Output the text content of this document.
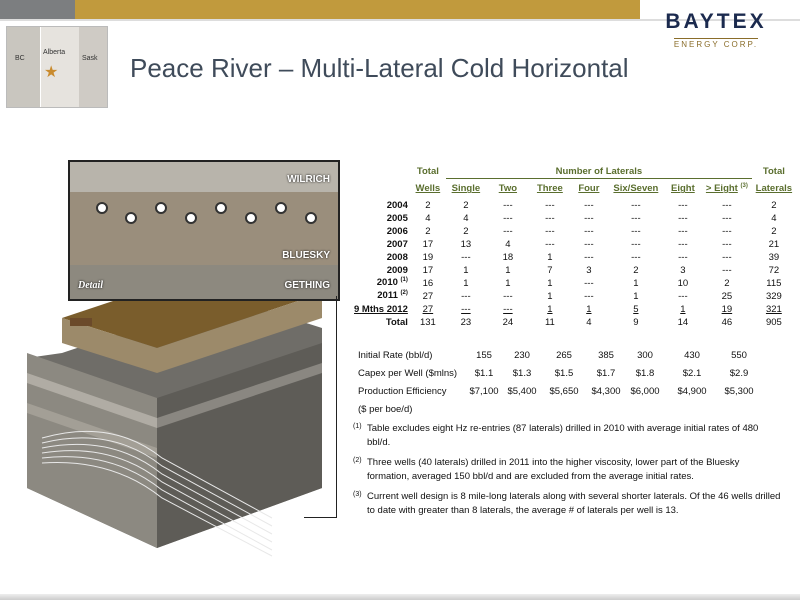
BAYTEX
ENERGY CORP.
BC
Alberta
Sask
★	Peace River – Multi-Lateral Cold Horizontal
WILRICH
BLUESKY
GETHING
Detail
	Total	Number of Laterals							Total
	Wells	Single	Two	Three	Four	Six/Seven	Eight	> Eight $^{(3)}$	Laterals
2004	2	2	---	---	---	---	---	---	2
2005	4	4	---	---	---	---	---	---	4
2006	2	2	---	---	---	---	---	---	2
2007	17	13	4	---	---	---	---	---	21
2008	19	---	18	1	---	---	---	---	39
2009	17	1	1	7	3	2	3	---	72
2010 $^{(1)}$	16	1	1	1	---	1	10	2	115
2011 $^{(2)}$	27	---	---	1	---	1	---	25	329
9 Mths 2012	27	---	---	1	1	5	1	19	321
Total	131	23	24	11	4	9	14	46	905
Initial Rate (bbl/d)	155	230	265	385	300	430	550
Capex per Well ($mlns)	$1.1	$1.3	$1.5	$1.7	$1.8	$2.1	$2.9
Production Efficiency	$7,100	$5,400	$5,650	$4,300	$6,000	$4,900	$5,300
($ per boe/d)							
(1) Table excludes eight Hz re-entries (87 laterals) drilled in 2010 with average initial rates of 480 bbl/d.
(2) Three wells (40 laterals) drilled in 2011 into the higher viscosity, lower part of the Bluesky formation, averaged 150 bbl/d and are excluded from the average initial rates.
(3) Current well design is 8 mile-long laterals along with several shorter laterals. Of the 46 wells drilled to date with greater than 8 laterals, the average # of laterals per well is 13.
